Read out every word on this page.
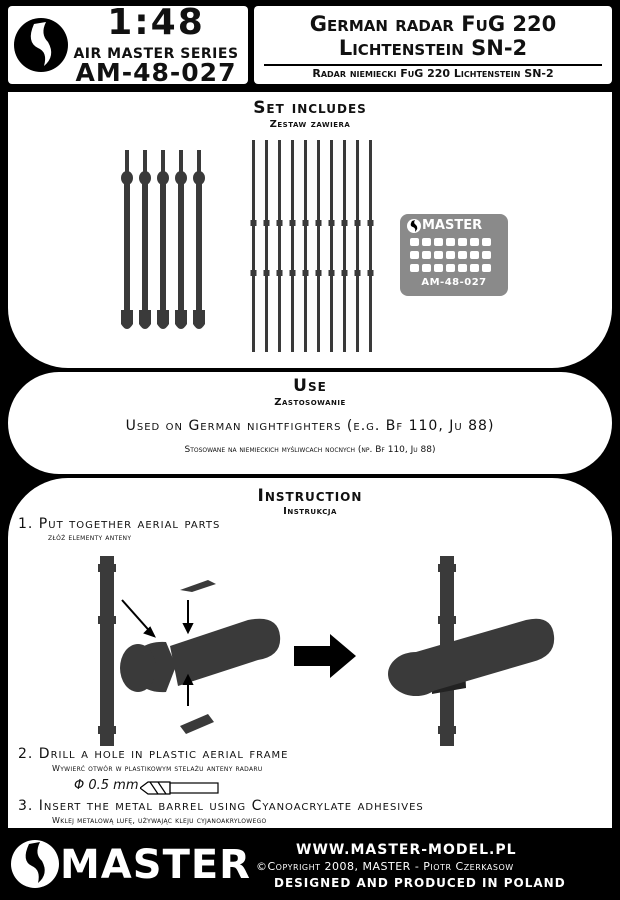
1:48
AIR MASTER SERIES
AM-48-027
German radar FuG 220
Lichtenstein SN-2
Radar niemiecki FuG 220 Lichtenstein SN-2
Set includes
Zestaw zawiera
MASTER
AM-48-027
Use
Zastosowanie
Used on German nightfighters (e.g. Bf 110, Ju 88)
Stosowane na niemieckich myśliwcach nocnych (np. Bf 110, Ju 88)
Instruction
Instrukcja
1. Put together aerial parts
złóż elementy anteny
2. Drill a hole in plastic aerial frame
Wywierć otwór w plastikowym stelażu anteny radaru
Φ 0.5 mm
3. Insert the metal barrel using Cyanoacrylate adhesives
Wklej metalową lufę, używając kleju cyjanoakrylowego
MASTER	WWW.MASTER-MODEL.PL
©Copyright 2008, MASTER - Piotr Czerkasow
DESIGNED AND PRODUCED IN POLAND
